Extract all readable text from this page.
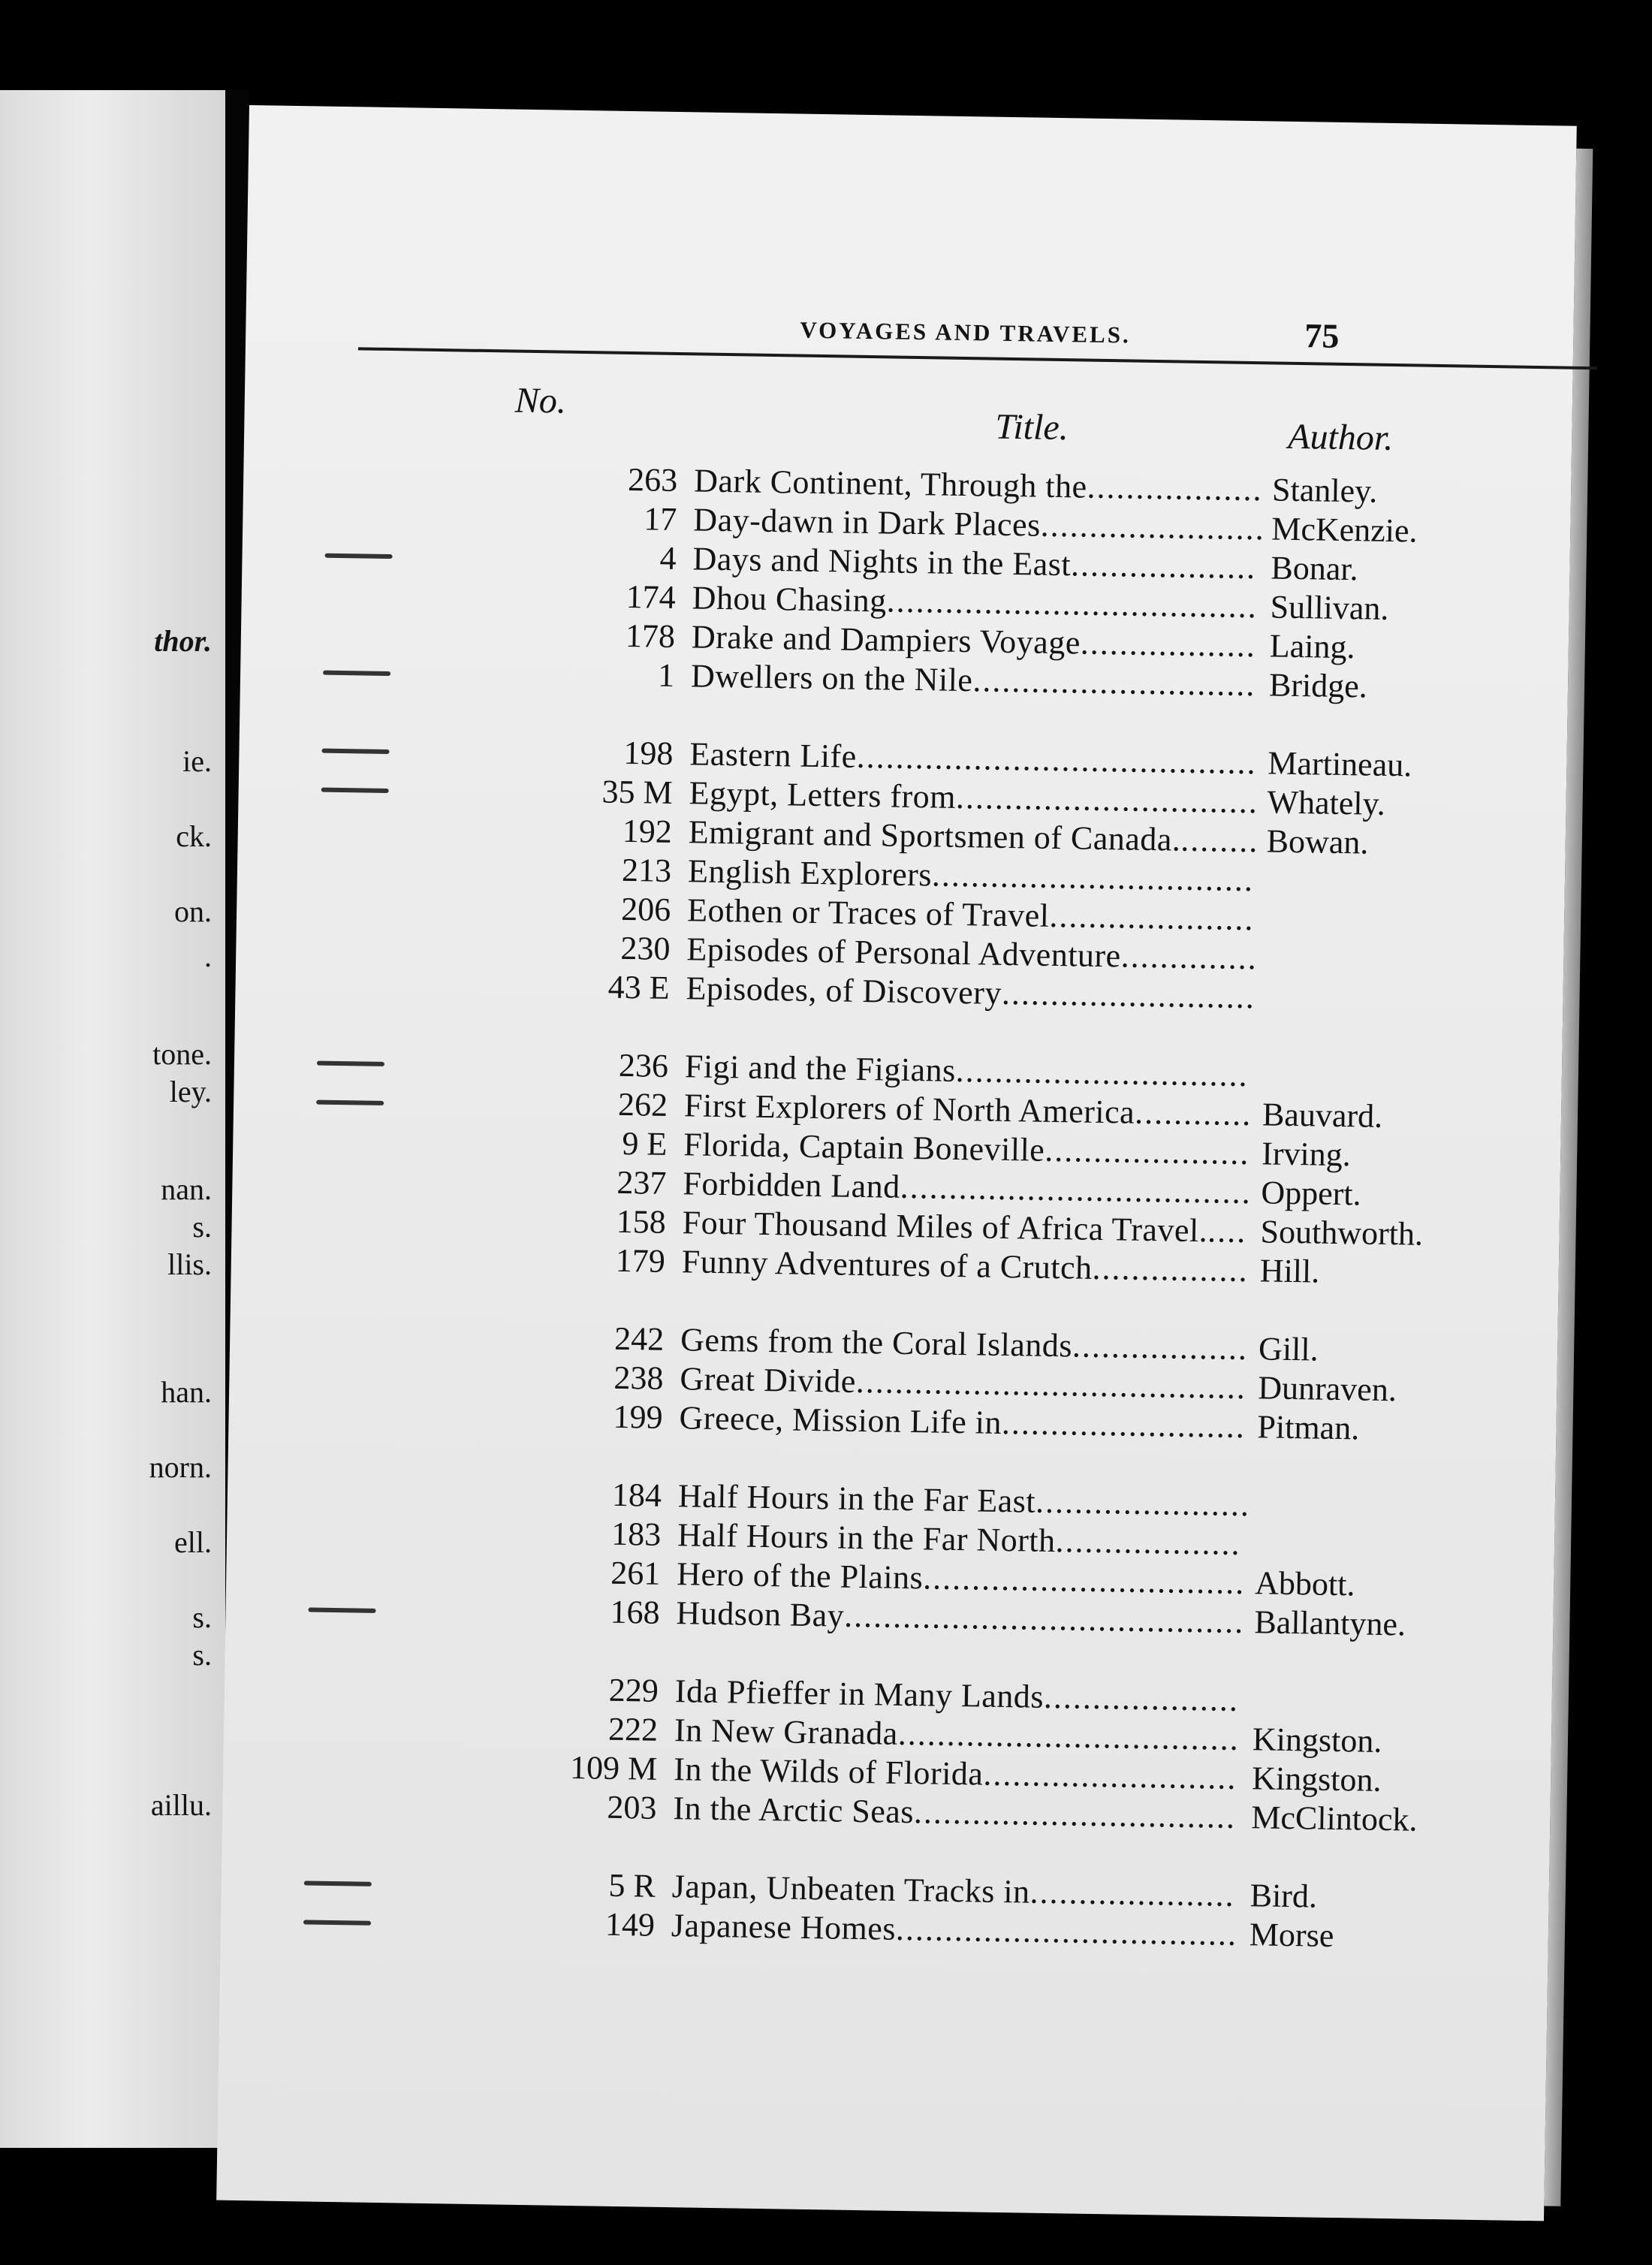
thor.
ie.
ck.
on.
.
tone.
ley.
nan.
s.
llis.
han.
norn.
ell.
s.
s.
aillu.
VOYAGES AND TRAVELS.	75
No.
Title.	Author.
263 Dark Continent, Through the.................. Stanley.
17 Day-dawn in Dark Places....................... McKenzie.
4 Days and Nights in the East................... Bonar.
174 Dhou Chasing...................................... Sullivan.
178 Drake and Dampiers Voyage.................. Laing.
1 Dwellers on the Nile............................. Bridge.
198 Eastern Life......................................... Martineau.
35 M Egypt, Letters from............................... Whately.
192 Emigrant and Sportsmen of Canada......... Bowan.
213 English Explorers.................................
206 Eothen or Traces of Travel.....................
230 Episodes of Personal Adventure..............
43 E Episodes, of Discovery..........................
236 Figi and the Figians..............................
262 First Explorers of North America............ Bauvard.
9 E Florida, Captain Boneville..................... Irving.
237 Forbidden Land.................................... Oppert.
158 Four Thousand Miles of Africa Travel..... Southworth.
179 Funny Adventures of a Crutch................ Hill.
242 Gems from the Coral Islands.................. Gill.
238 Great Divide........................................ Dunraven.
199 Greece, Mission Life in......................... Pitman.
184 Half Hours in the Far East......................
183 Half Hours in the Far North...................
261 Hero of the Plains................................. Abbott.
168 Hudson Bay......................................... Ballantyne.
229 Ida Pfieffer in Many Lands....................
222 In New Granada................................... Kingston.
109 M In the Wilds of Florida.......................... Kingston.
203 In the Arctic Seas................................. McClintock.
5 R Japan, Unbeaten Tracks in..................... Bird.
149 Japanese Homes................................... Morse
